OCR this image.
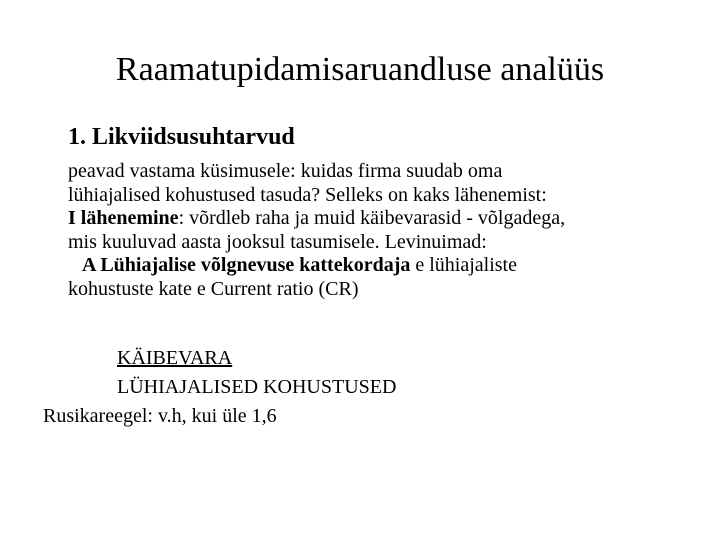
Raamatupidamisaruandluse analüüs
1. Likviidsusuhtarvud
peavad vastama küsimusele: kuidas firma suudab oma
lühiajalised kohustused tasuda? Selleks on kaks lähenemist:
I lähenemine: võrdleb raha ja muid käibevarasid - võlgadega,
mis kuuluvad aasta jooksul tasumisele. Levinuimad:
A Lühiajalise võlgnevuse kattekordaja e lühiajaliste
kohustuste kate e Current ratio (CR)
KÄIBEVARA
LÜHIAJALISED KOHUSTUSED
Rusikareegel: v.h, kui üle 1,6
